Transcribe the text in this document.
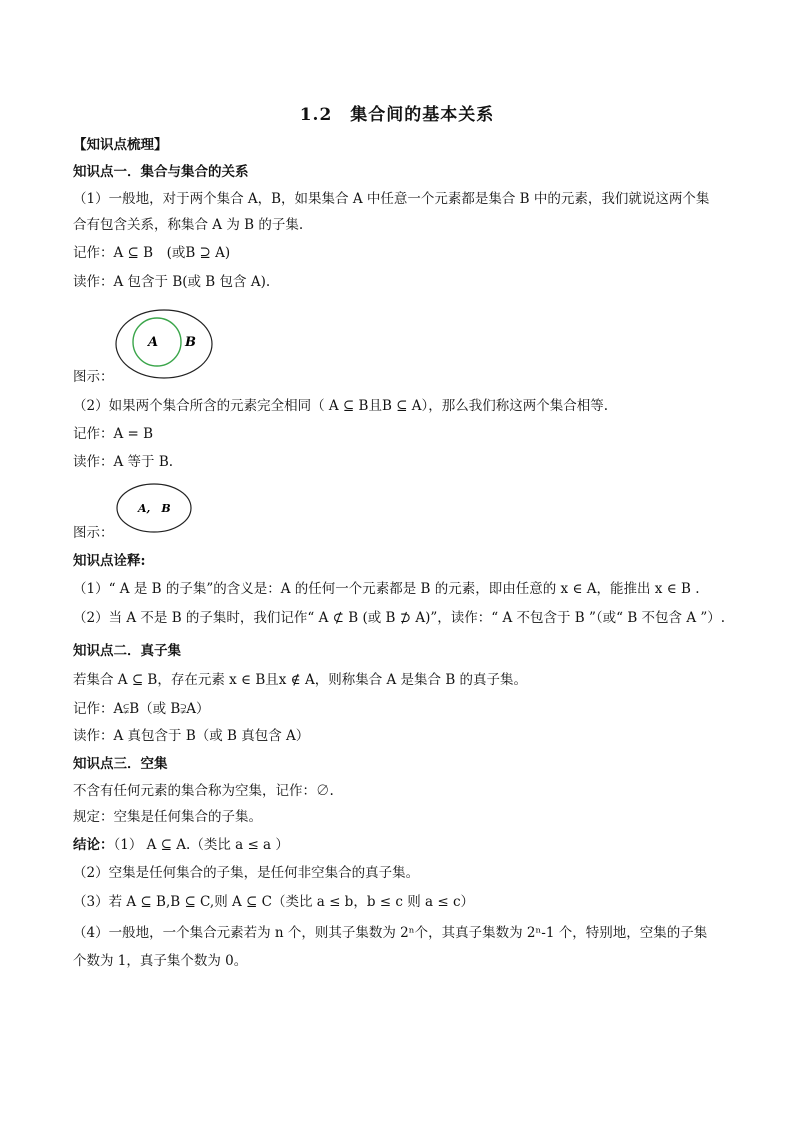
1.2　集合间的基本关系
【知识点梳理】
知识点一．集合与集合的关系
（1）一般地，对于两个集合 A，B，如果集合 A 中任意一个元素都是集合 B 中的元素，我们就说这两个集
合有包含关系，称集合 A 为 B 的子集.
记作：A ⊆ B　(或B ⊇ A)
读作：A 包含于 B(或 B 包含 A).
A B
图示：
（2）如果两个集合所含的元素完全相同（ A ⊆ B且B ⊆ A），那么我们称这两个集合相等.
记作：A = B
读作：A 等于 B.
A,　B
图示：
知识点诠释:
（1）“ A 是 B 的子集”的含义是：A 的任何一个元素都是 B 的元素，即由任意的 x ∈ A，能推出 x ∈ B .
（2）当 A 不是 B 的子集时，我们记作“ A ⊄ B (或 B ⊅ A)”，读作：“ A 不包含于 B ”（或“ B 不包含 A ”）.
知识点二．真子集
若集合 A ⊆ B，存在元素 x ∈ B且x ∉ A，则称集合 A 是集合 B 的真子集。
记作：A⫋B（或 B⫌A）
读作：A 真包含于 B（或 B 真包含 A）
知识点三．空集
不含有任何元素的集合称为空集，记作：∅.
规定：空集是任何集合的子集。
结论：（1） A ⊆ A.（类比 a ≤ a ）
（2）空集是任何集合的子集，是任何非空集合的真子集。
（3）若 A ⊆ B,B ⊆ C,则 A ⊆ C（类比 a ≤ b，b ≤ c 则 a ≤ c）
（4）一般地，一个集合元素若为 n 个，则其子集数为 2ⁿ个，其真子集数为 2ⁿ-1 个，特别地，空集的子集
个数为 1，真子集个数为 0。
